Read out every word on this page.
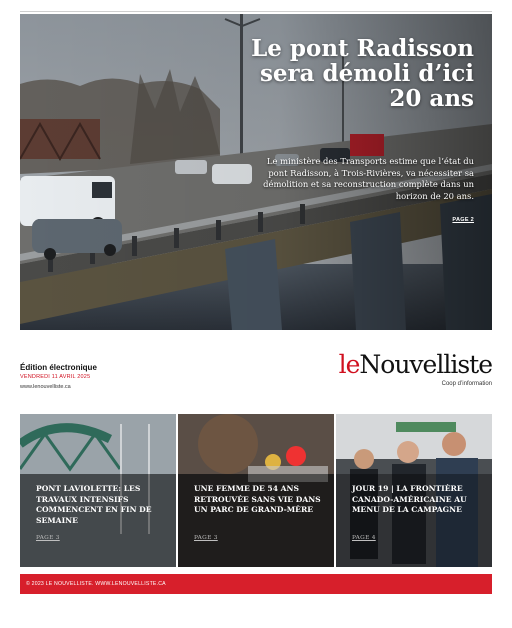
Le pont Radisson sera démoli d’ici 20 ans

Le ministère des Transports estime que l’état du pont Radisson, à Trois-Rivières, va nécessiter sa démolition et sa reconstruction complète dans un horizon de 20 ans.

PAGE 2
Édition électronique
VENDREDI 11 AVRIL 2025
www.lenouvelliste.ca
leNouvelliste
Coop d’information

PONT LAVIOLETTE: LES TRAVAUX INTENSIFS COMMENCENT EN FIN DE SEMAINE

PAGE 3

UNE FEMME DE 54 ANS RETROUVÉE SANS VIE DANS UN PARC DE GRAND-MÈRE

PAGE 3

JOUR 19 | LA FRONTIÈRE CANADO-AMÉRICAINE AU MENU DE LA CAMPAGNE

PAGE 4
© 2023 LE NOUVELLISTE. WWW.LENOUVELLISTE.CA
